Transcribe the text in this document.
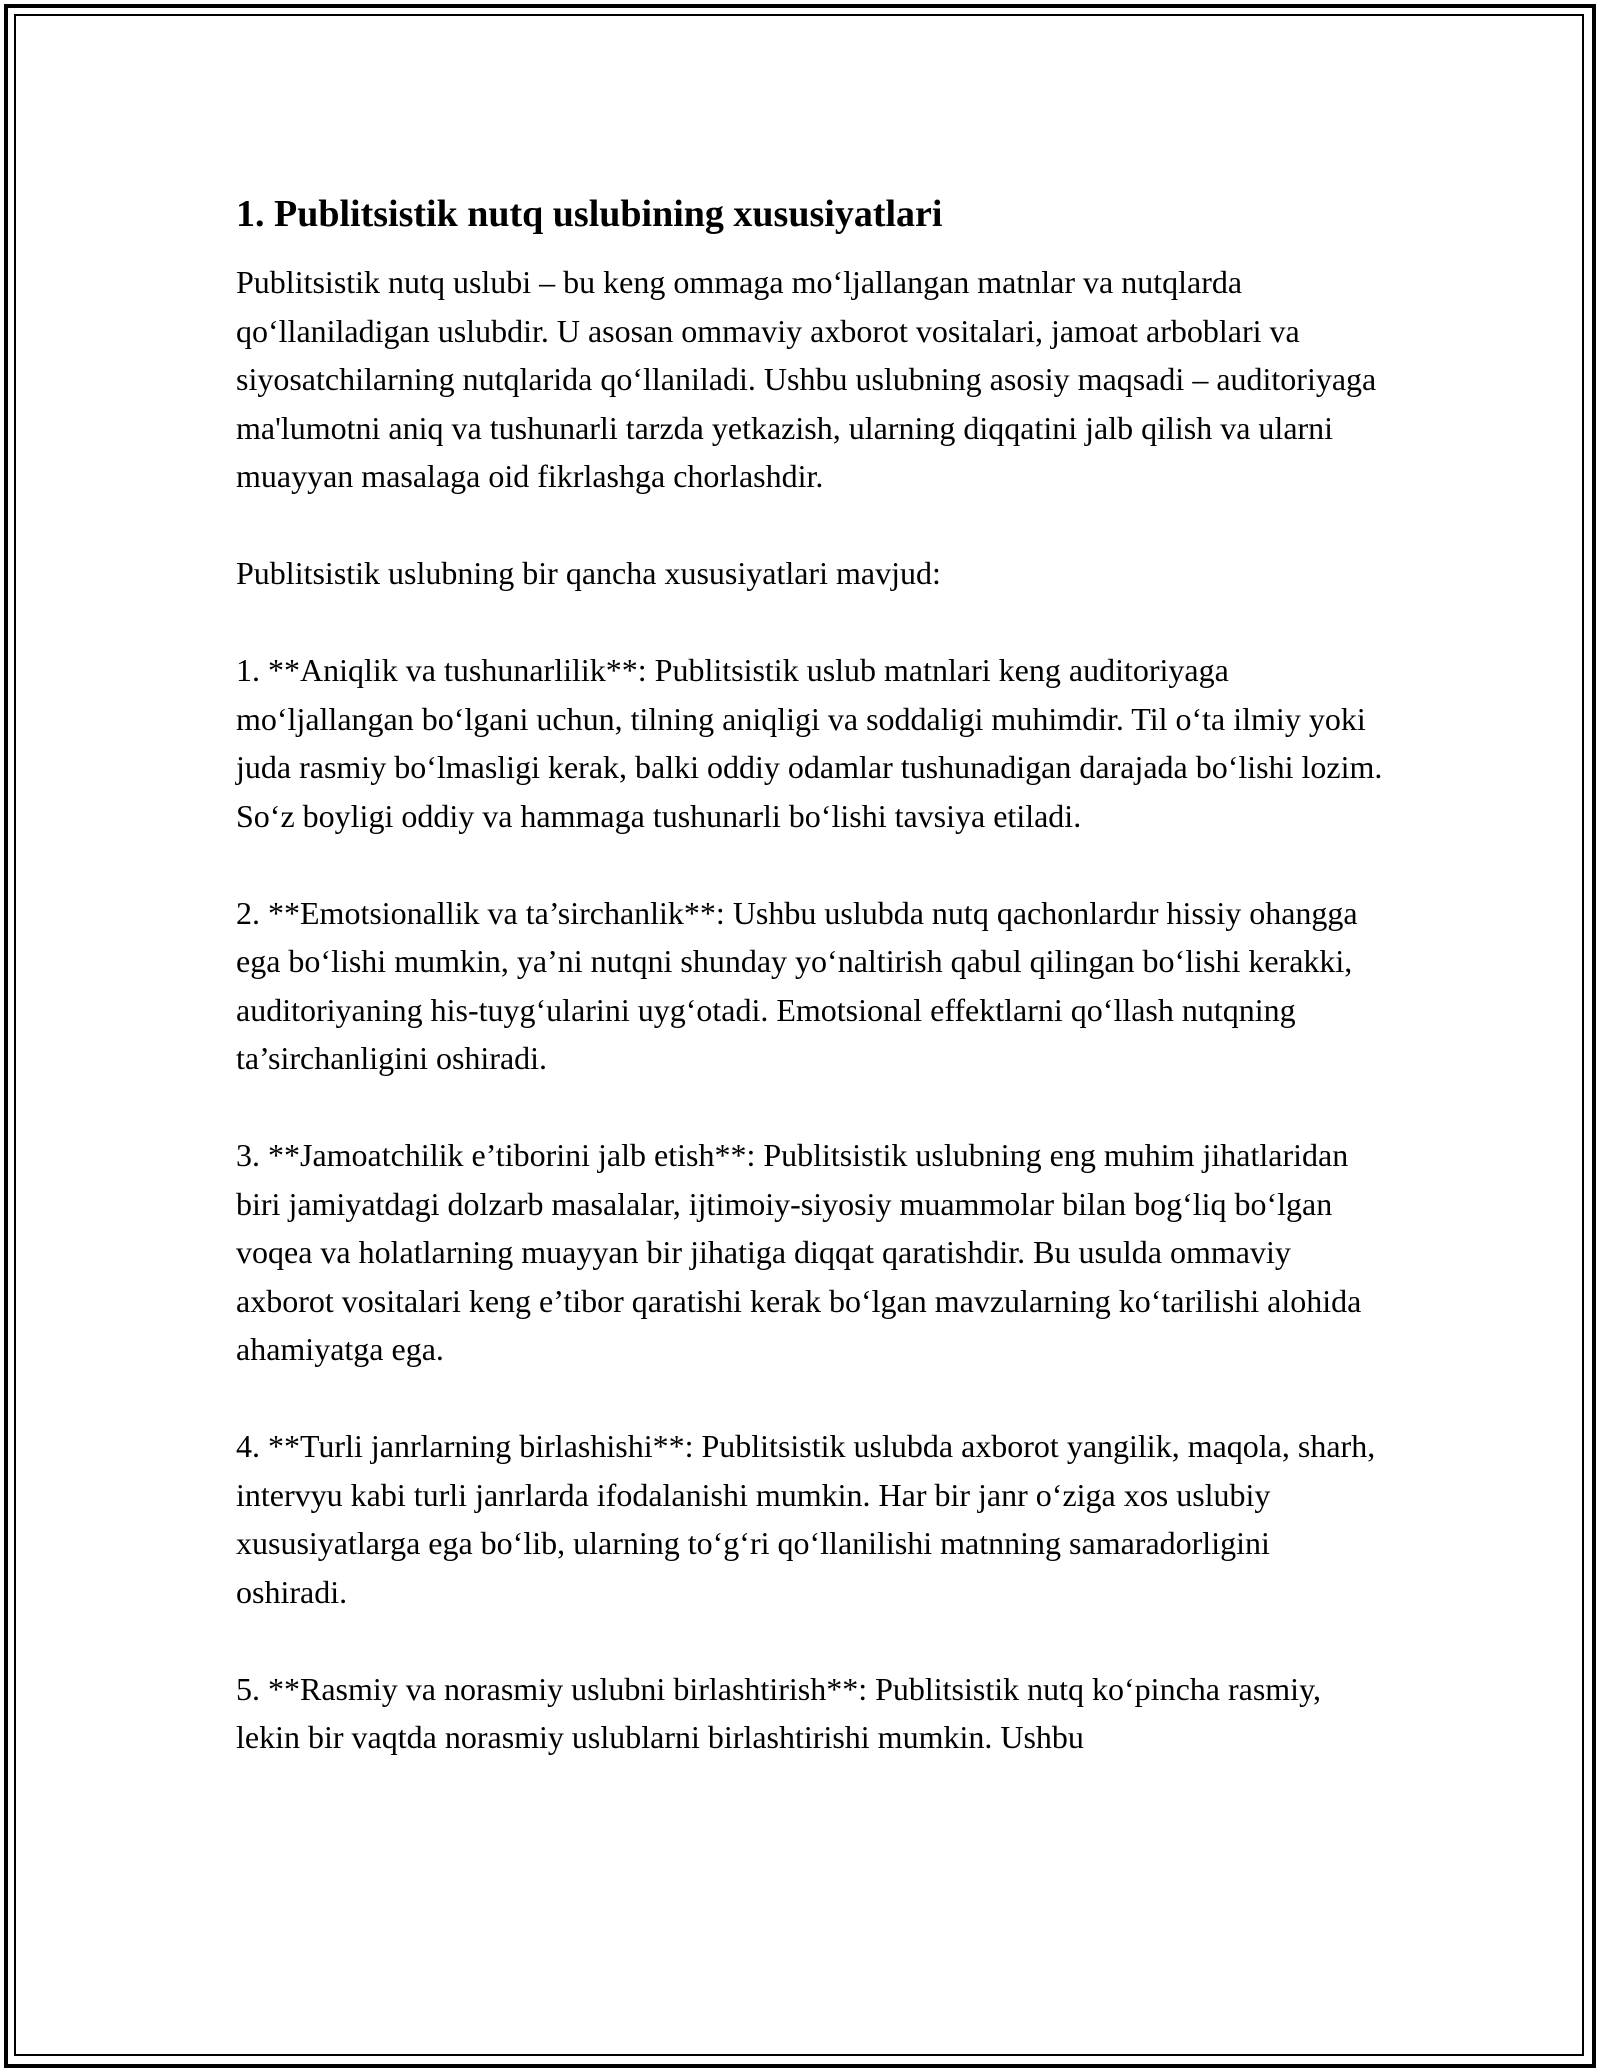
1. Publitsistik nutq uslubining xususiyatlari

Publitsistik nutq uslubi – bu keng ommaga moʻljallangan matnlar va nutqlarda qoʻllaniladigan uslubdir. U asosan ommaviy axborot vositalari, jamoat arboblari va siyosatchilarning nutqlarida qoʻllaniladi. Ushbu uslubning asosiy maqsadi – auditoriyaga ma'lumotni aniq va tushunarli tarzda yetkazish, ularning diqqatini jalb qilish va ularni muayyan masalaga oid fikrlashga chorlashdir.

Publitsistik uslubning bir qancha xususiyatlari mavjud:

1. **Aniqlik va tushunarlilik**: Publitsistik uslub matnlari keng auditoriyaga moʻljallangan boʻlgani uchun, tilning aniqligi va soddaligi muhimdir. Til oʻta ilmiy yoki juda rasmiy boʻlmasligi kerak, balki oddiy odamlar tushunadigan darajada boʻlishi lozim. Soʻz boyligi oddiy va hammaga tushunarli boʻlishi tavsiya etiladi.

2. **Emotsionallik va ta’sirchanlik**: Ushbu uslubda nutq qachonlardır hissiy ohangga ega boʻlishi mumkin, ya’ni nutqni shunday yoʻnaltirish qabul qilingan boʻlishi kerakki, auditoriyaning his-tuygʻularini uygʻotadi. Emotsional effektlarni qoʻllash nutqning ta’sirchanligini oshiradi.

3. **Jamoatchilik e’tiborini jalb etish**: Publitsistik uslubning eng muhim jihatlaridan biri jamiyatdagi dolzarb masalalar, ijtimoiy-siyosiy muammolar bilan bogʻliq boʻlgan voqea va holatlarning muayyan bir jihatiga diqqat qaratishdir. Bu usulda ommaviy axborot vositalari keng e’tibor qaratishi kerak boʻlgan mavzularning koʻtarilishi alohida ahamiyatga ega.

4. **Turli janrlarning birlashishi**: Publitsistik uslubda axborot yangilik, maqola, sharh, intervyu kabi turli janrlarda ifodalanishi mumkin. Har bir janr oʻziga xos uslubiy xususiyatlarga ega boʻlib, ularning toʻgʻri qoʻllanilishi matnning samaradorligini oshiradi.

5. **Rasmiy va norasmiy uslubni birlashtirish**: Publitsistik nutq koʻpincha rasmiy, lekin bir vaqtda norasmiy uslublarni birlashtirishi mumkin. Ushbu
